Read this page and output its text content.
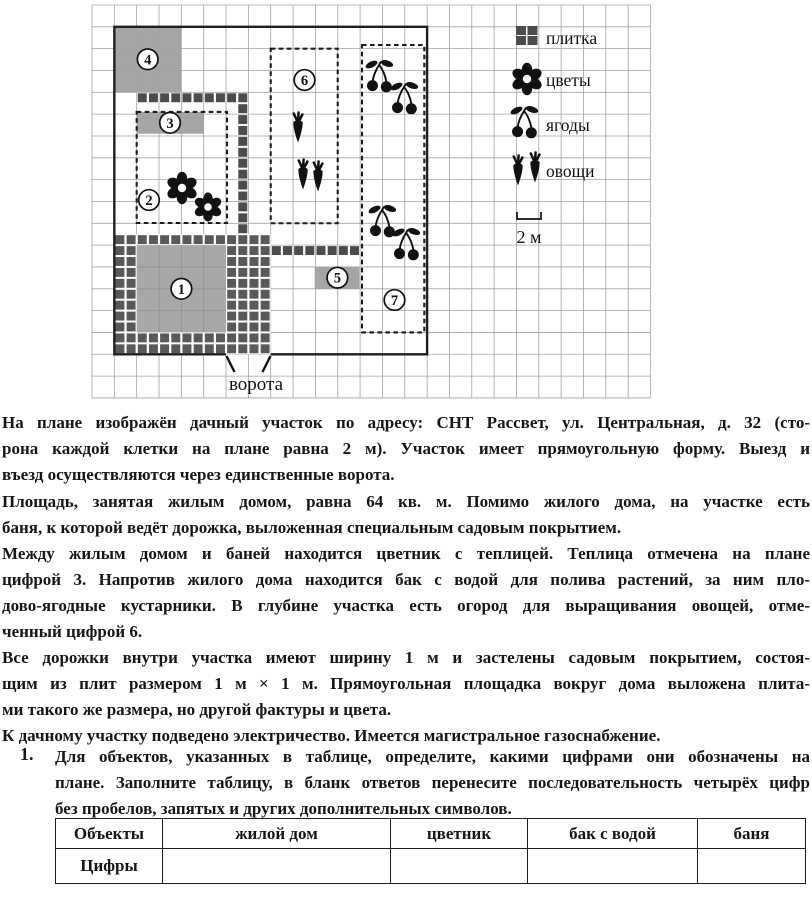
1
2
3
4
5
6
7
ворота
плитка
цветы
ягоды
овощи
2 м
На плане изображён дачный участок по адресу: СНТ Рассвет, ул. Центральная, д. 32 (сто-
рона каждой клетки на плане равна 2 м). Участок имеет прямоугольную форму. Выезд и
въезд осуществляются через единственные ворота.
Площадь, занятая жилым домом, равна 64 кв. м. Помимо жилого дома, на участке есть
баня, к которой ведёт дорожка, выложенная специальным садовым покрытием.
Между жилым домом и баней находится цветник с теплицей. Теплица отмечена на плане
цифрой 3. Напротив жилого дома находится бак с водой для полива растений, за ним пло-
дово-ягодные кустарники. В глубине участка есть огород для выращивания овощей, отме-
ченный цифрой 6.
Все дорожки внутри участка имеют ширину 1 м и застелены садовым покрытием, состоя-
щим из плит размером 1 м × 1 м. Прямоугольная площадка вокруг дома выложена плита-
ми такого же размера, но другой фактуры и цвета.
К дачному участку подведено электричество. Имеется магистральное газоснабжение.
1. Для объектов, указанных в таблице, определите, какими цифрами они обозначены на
плане. Заполните таблицу, в бланк ответов перенесите последовательность четырёх цифр
без пробелов, запятых и других дополнительных символов.
Объекты	жилой дом	цветник	бак с водой	баня
Цифры				
